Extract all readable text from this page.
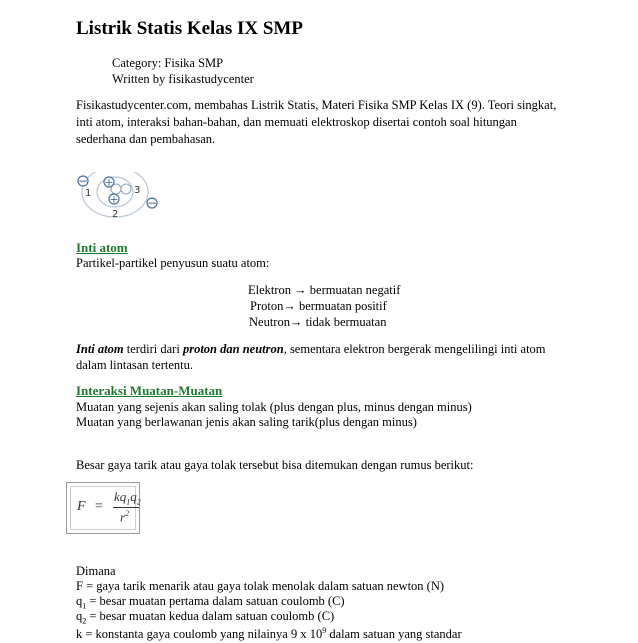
Listrik Statis Kelas IX SMP
Category: Fisika SMP
Written by fisikastudycenter
Fisikastudycenter.com, membahas Listrik Statis, Materi Fisika SMP Kelas IX (9). Teori singkat,
inti atom, interaksi bahan-bahan, dan memuati elektroskop disertai contoh soal hitungan
sederhana dan pembahasan.
+
+
−
−
1
2
3
Inti atom
Partikel-partikel penyusun suatu atom:
Elektron → bermuatan negatif
Proton→ bermuatan positif
Neutron→ tidak bermuatan
Inti atom terdiri dari proton dan neutron, sementara elektron bergerak mengelilingi inti atom
dalam lintasan tertentu.
Interaksi Muatan-Muatan
Muatan yang sejenis akan saling tolak (plus dengan plus, minus dengan minus)
Muatan yang berlawanan jenis akan saling tarik(plus dengan minus)
Besar gaya tarik atau gaya tolak tersebut bisa ditemukan dengan rumus berikut:
F =
$kq_1q_2$
$r^2$
Dimana
F = gaya tarik menarik atau gaya tolak menolak dalam satuan newton (N)
$q_1$ = besar muatan pertama dalam satuan coulomb (C)
$q_2$ = besar muatan kedua dalam satuan coulomb (C)
k = konstanta gaya coulomb yang nilainya 9 x $10^9$ dalam satuan yang standar
